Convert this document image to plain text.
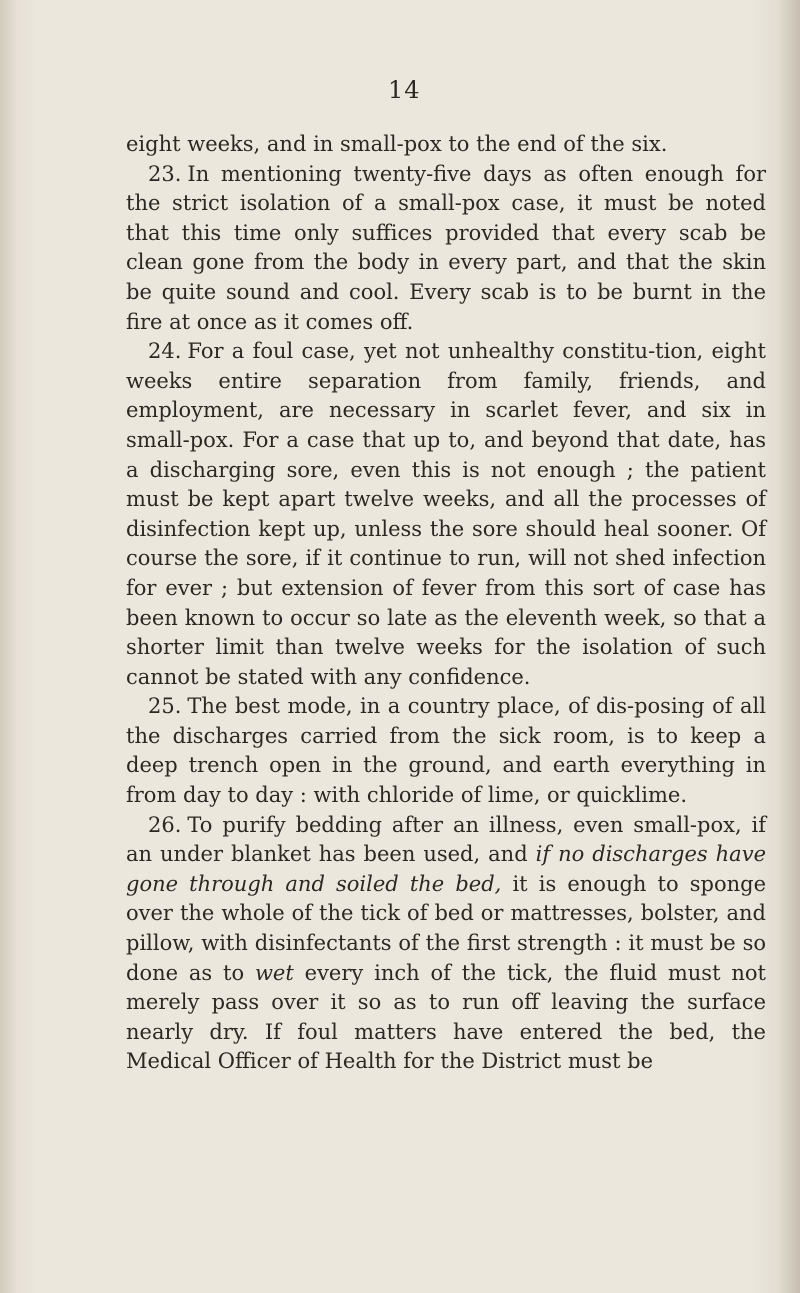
14

eight weeks, and in small-pox to the end of the six.

23. In mentioning twenty-five days as often enough for the strict isolation of a small-pox case, it must be noted that this time only suffices provided that every scab be clean gone from the body in every part, and that the skin be quite sound and cool. Every scab is to be burnt in the fire at once as it comes off.

24. For a foul case, yet not unhealthy constitu-tion, eight weeks entire separation from family, friends, and employment, are necessary in scarlet fever, and six in small-pox. For a case that up to, and beyond that date, has a discharging sore, even this is not enough ; the patient must be kept apart twelve weeks, and all the processes of disinfection kept up, unless the sore should heal sooner. Of course the sore, if it continue to run, will not shed infection for ever ; but extension of fever from this sort of case has been known to occur so late as the eleventh week, so that a shorter limit than twelve weeks for the isolation of such cannot be stated with any confidence.

25. The best mode, in a country place, of dis-posing of all the discharges carried from the sick room, is to keep a deep trench open in the ground, and earth everything in from day to day : with chloride of lime, or quicklime.

26. To purify bedding after an illness, even small-pox, if an under blanket has been used, and if no discharges have gone through and soiled the bed, it is enough to sponge over the whole of the tick of bed or mattresses, bolster, and pillow, with disinfectants of the first strength : it must be so done as to wet every inch of the tick, the fluid must not merely pass over it so as to run off leaving the surface nearly dry. If foul matters have entered the bed, the Medical Officer of Health for the District must be
